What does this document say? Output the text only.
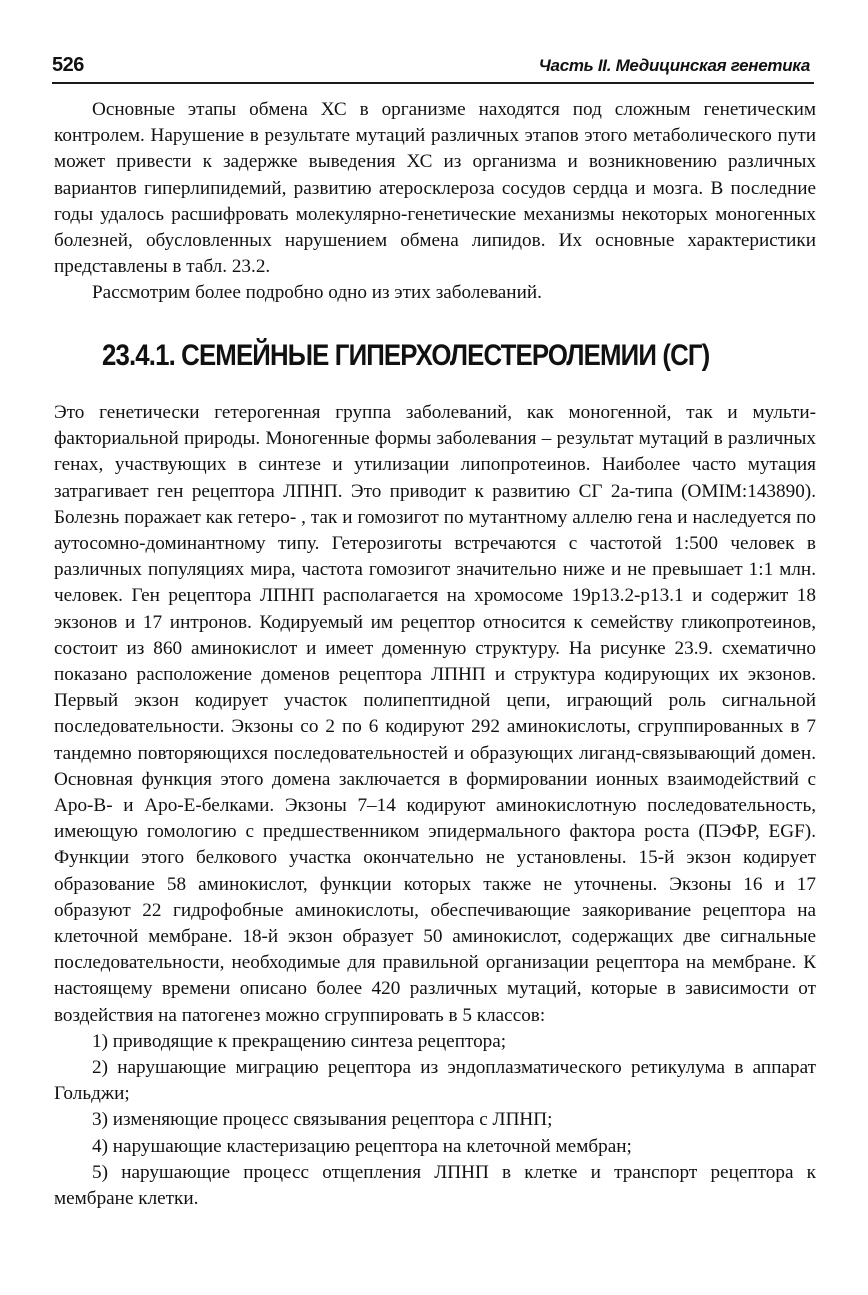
526	Часть II. Медицинская генетика

Основные этапы обмена ХС в организме находятся под сложным генетическим контролем. Нарушение в результате мутаций различных этапов этого метаболического пути может привести к задержке выведения ХС из организма и возникновению различных вариантов гиперлипидемий, развитию атеросклероза сосудов сердца и мозга. В последние годы удалось расшифровать молекулярно-генетические механизмы некоторых моногенных болезней, обусловленных нарушением обмена липидов. Их основные характеристики представлены в табл. 23.2.

Рассмотрим более подробно одно из этих заболеваний.

23.4.1. СЕМЕЙНЫЕ ГИПЕРХОЛЕСТЕРОЛЕМИИ (СГ)

Это генетически гетерогенная группа заболеваний, как моногенной, так и мультифакториальной природы. Моногенные формы заболевания – результат мутаций в различных генах, участвующих в синтезе и утилизации липопротеинов. Наиболее часто мутация затрагивает ген рецептора ЛПНП. Это приводит к развитию СГ 2а-типа (OMIM:143890). Болезнь поражает как гетеро- , так и гомозигот по мутантному аллелю гена и наследуется по аутосомно-доминантному типу. Гетерозиготы встречаются с частотой 1:500 человек в различных популяциях мира, частота гомозигот значительно ниже и не превышает 1:1 млн. человек. Ген рецептора ЛПНП располагается на хромосоме 19p13.2-p13.1 и содержит 18 экзонов и 17 интронов. Кодируемый им рецептор относится к семейству гликопротеинов, состоит из 860 аминокислот и имеет доменную структуру. На рисунке 23.9. схематично показано расположение доменов рецептора ЛПНП и структура кодирующих их экзонов. Первый экзон кодирует участок полипептидной цепи, играющий роль сигнальной последовательности. Экзоны со 2 по 6 кодируют 292 аминокислоты, сгруппированных в 7 тандемно повторяющихся последовательностей и образующих лиганд-связывающий домен. Основная функция этого домена заключается в формировании ионных взаимодействий с Аро-В- и Аро-Е-белками. Экзоны 7–14 кодируют аминокислотную последовательность, имеющую гомологию с предшественником эпидермального фактора роста (ПЭФР, EGF). Функции этого белкового участка окончательно не установлены. 15-й экзон кодирует образование 58 аминокислот, функции которых также не уточнены. Экзоны 16 и 17 образуют 22 гидрофобные аминокислоты, обеспечивающие заякоривание рецептора на клеточной мембране. 18-й экзон образует 50 аминокислот, содержащих две сигнальные последовательности, необходимые для правильной организации рецептора на мембране. К настоящему времени описано более 420 различных мутаций, которые в зависимости от воздействия на патогенез можно сгруппировать в 5 классов:

1) приводящие к прекращению синтеза рецептора;
2) нарушающие миграцию рецептора из эндоплазматического ретикулума в аппарат Гольджи;
3) изменяющие процесс связывания рецептора с ЛПНП;
4) нарушающие кластеризацию рецептора на клеточной мембран;
5) нарушающие процесс отщепления ЛПНП в клетке и транспорт рецептора к мембране клетки.
